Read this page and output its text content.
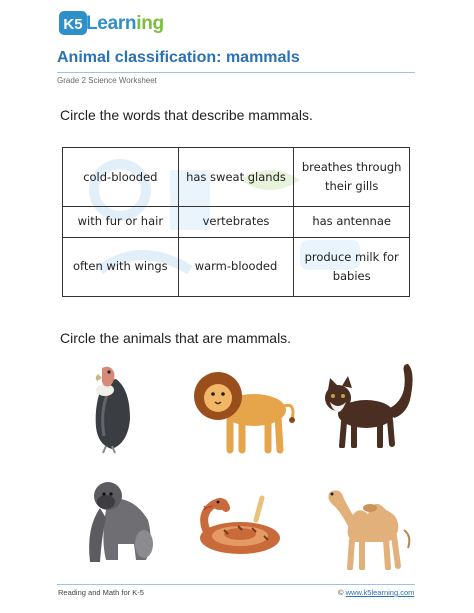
K5 Learning
Animal classification: mammals
Grade 2 Science Worksheet
Circle the words that describe mammals.
cold-blooded	has sweat glands	breathes through their gills
with fur or hair	vertebrates	has antennae
often with wings	warm-blooded	produce milk for babies
Circle the animals that are mammals.
Reading and Math for K-5	© www.k5learning.com
